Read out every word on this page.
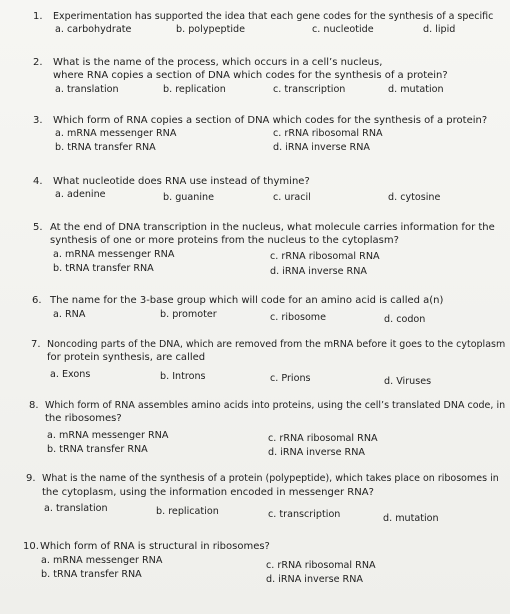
1. Experimentation has supported the idea that each gene codes for the synthesis of a specific
a. carbohydrate	b. polypeptide	c. nucleotide	d. lipid
2. What is the name of the process, which occurs in a cell’s nucleus,
where RNA copies a section of DNA which codes for the synthesis of a protein?
a. translation	b. replication	c. transcription	d. mutation
3. Which form of RNA copies a section of DNA which codes for the synthesis of a protein?
a. mRNA messenger RNA	c. rRNA ribosomal RNA
b. tRNA transfer RNA	d. iRNA inverse RNA
4. What nucleotide does RNA use instead of thymine?
a. adenine	b. guanine	c. uracil	d. cytosine
5. At the end of DNA transcription in the nucleus, what molecule carries information for the
synthesis of one or more proteins from the nucleus to the cytoplasm?
a. mRNA messenger RNA	c. rRNA ribosomal RNA
b. tRNA transfer RNA	d. iRNA inverse RNA
6. The name for the 3-base group which will code for an amino acid is called a(n)
a. RNA	b. promoter	c. ribosome	d. codon
7. Noncoding parts of the DNA, which are removed from the mRNA before it goes to the cytoplasm
for protein synthesis, are called
a. Exons	b. Introns	c. Prions	d. Viruses
8. Which form of RNA assembles amino acids into proteins, using the cell’s translated DNA code, in
the ribosomes?
a. mRNA messenger RNA	c. rRNA ribosomal RNA
b. tRNA transfer RNA	d. iRNA inverse RNA
9. What is the name of the synthesis of a protein (polypeptide), which takes place on ribosomes in
the cytoplasm, using the information encoded in messenger RNA?
a. translation	b. replication	c. transcription	d. mutation
10. Which form of RNA is structural in ribosomes?
a. mRNA messenger RNA	c. rRNA ribosomal RNA
b. tRNA transfer RNA	d. iRNA inverse RNA
